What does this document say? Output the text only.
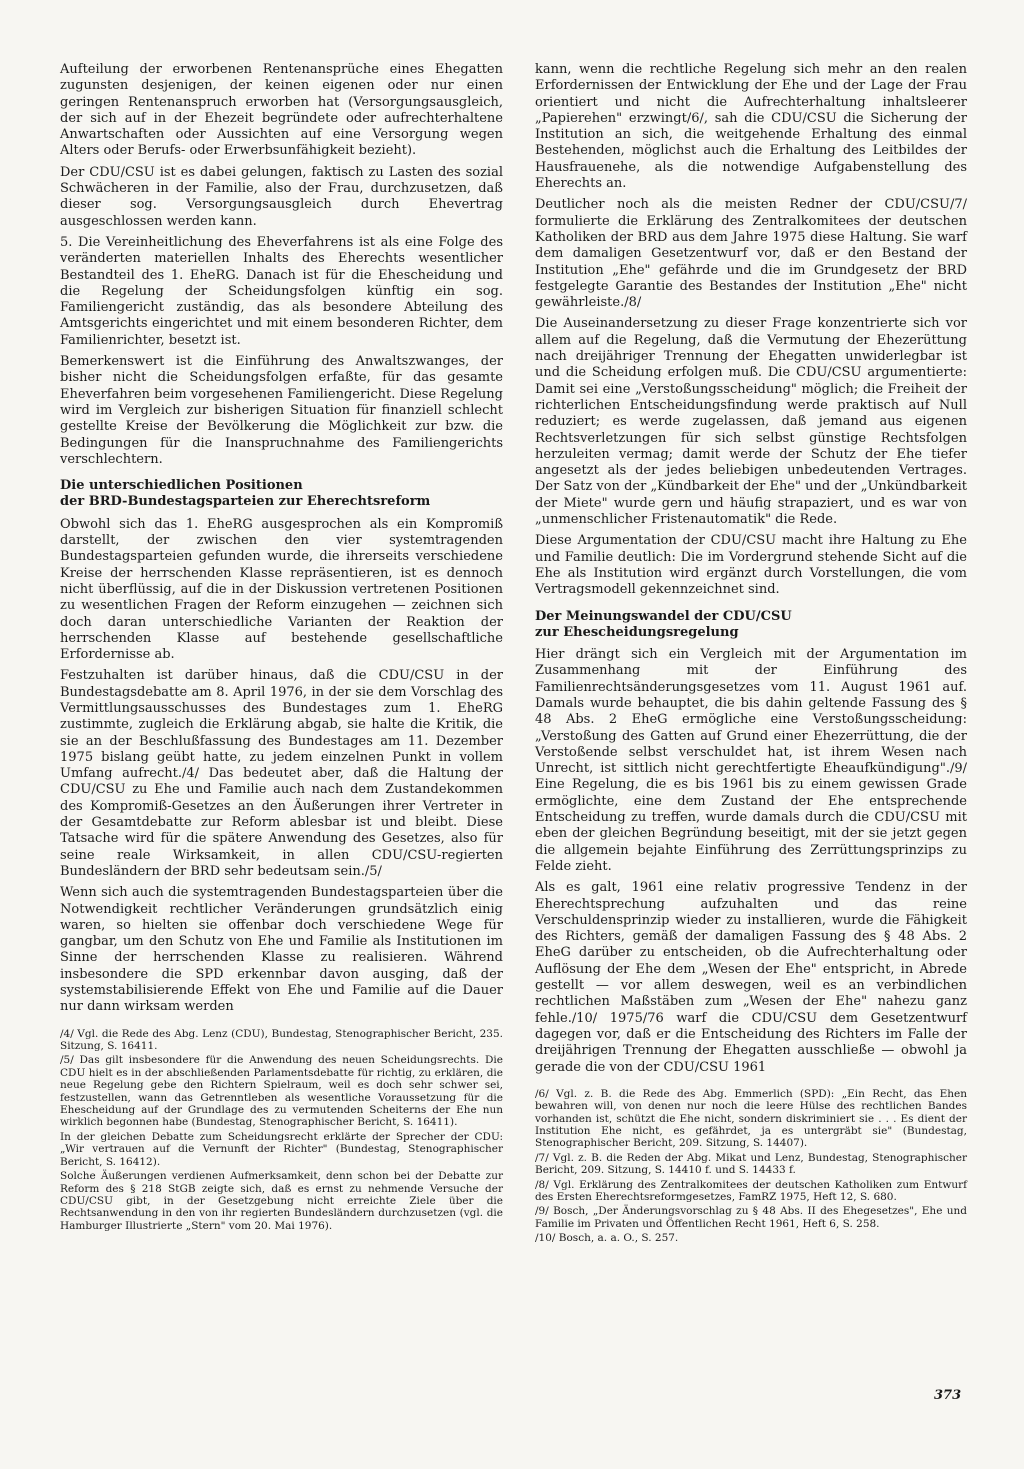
Aufteilung der erworbenen Rentenansprüche eines Ehegatten zugunsten desjenigen, der keinen eigenen oder nur einen geringen Rentenanspruch erworben hat (Versorgungsausgleich, der sich auf in der Ehezeit begründete oder aufrechterhaltene Anwartschaften oder Aussichten auf eine Versorgung wegen Alters oder Berufs- oder Erwerbsunfähigkeit bezieht).

Der CDU/CSU ist es dabei gelungen, faktisch zu Lasten des sozial Schwächeren in der Familie, also der Frau, durchzusetzen, daß dieser sog. Versorgungsausgleich durch Ehevertrag ausgeschlossen werden kann.

5. Die Vereinheitlichung des Eheverfahrens ist als eine Folge des veränderten materiellen Inhalts des Eherechts wesentlicher Bestandteil des 1. EheRG. Danach ist für die Ehescheidung und die Regelung der Scheidungsfolgen künftig ein sog. Familiengericht zuständig, das als besondere Abteilung des Amtsgerichts eingerichtet und mit einem besonderen Richter, dem Familienrichter, besetzt ist.

Bemerkenswert ist die Einführung des Anwaltszwanges, der bisher nicht die Scheidungsfolgen erfaßte, für das gesamte Eheverfahren beim vorgesehenen Familiengericht. Diese Regelung wird im Vergleich zur bisherigen Situation für finanziell schlecht gestellte Kreise der Bevölkerung die Möglichkeit zur bzw. die Bedingungen für die Inanspruchnahme des Familiengerichts verschlechtern.

Die unterschiedlichen Positionen
der BRD-Bundestagsparteien zur Eherechtsreform

Obwohl sich das 1. EheRG ausgesprochen als ein Kompromiß darstellt, der zwischen den vier systemtragenden Bundestagsparteien gefunden wurde, die ihrerseits verschiedene Kreise der herrschenden Klasse repräsentieren, ist es dennoch nicht überflüssig, auf die in der Diskussion vertretenen Positionen zu wesentlichen Fragen der Reform einzugehen — zeichnen sich doch daran unterschiedliche Varianten der Reaktion der herrschenden Klasse auf bestehende gesellschaftliche Erfordernisse ab.

Festzuhalten ist darüber hinaus, daß die CDU/CSU in der Bundestagsdebatte am 8. April 1976, in der sie dem Vorschlag des Vermittlungsausschusses des Bundestages zum 1. EheRG zustimmte, zugleich die Erklärung abgab, sie halte die Kritik, die sie an der Beschlußfassung des Bundestages am 11. Dezember 1975 bislang geübt hatte, zu jedem einzelnen Punkt in vollem Umfang aufrecht./4/ Das bedeutet aber, daß die Haltung der CDU/CSU zu Ehe und Familie auch nach dem Zustandekommen des Kompromiß-Gesetzes an den Äußerungen ihrer Vertreter in der Gesamtdebatte zur Reform ablesbar ist und bleibt. Diese Tatsache wird für die spätere Anwendung des Gesetzes, also für seine reale Wirksamkeit, in allen CDU/CSU-regierten Bundesländern der BRD sehr bedeutsam sein./5/

Wenn sich auch die systemtragenden Bundestagsparteien über die Notwendigkeit rechtlicher Veränderungen grundsätzlich einig waren, so hielten sie offenbar doch verschiedene Wege für gangbar, um den Schutz von Ehe und Familie als Institutionen im Sinne der herrschenden Klasse zu realisieren. Während insbesondere die SPD erkennbar davon ausging, daß der systemstabilisierende Effekt von Ehe und Familie auf die Dauer nur dann wirksam werden

/4/ Vgl. die Rede des Abg. Lenz (CDU), Bundestag, Stenographischer Bericht, 235. Sitzung, S. 16411.

/5/ Das gilt insbesondere für die Anwendung des neuen Scheidungsrechts. Die CDU hielt es in der abschließenden Parlamentsdebatte für richtig, zu erklären, die neue Regelung gebe den Richtern Spielraum, weil es doch sehr schwer sei, festzustellen, wann das Getrenntleben als wesentliche Voraussetzung für die Ehescheidung auf der Grundlage des zu vermutenden Scheiterns der Ehe nun wirklich begonnen habe (Bundestag, Stenographischer Bericht, S. 16411).

In der gleichen Debatte zum Scheidungsrecht erklärte der Sprecher der CDU: „Wir vertrauen auf die Vernunft der Richter" (Bundestag, Stenographischer Bericht, S. 16412).

Solche Äußerungen verdienen Aufmerksamkeit, denn schon bei der Debatte zur Reform des § 218 StGB zeigte sich, daß es ernst zu nehmende Versuche der CDU/CSU gibt, in der Gesetzgebung nicht erreichte Ziele über die Rechtsanwendung in den von ihr regierten Bundesländern durchzusetzen (vgl. die Hamburger Illustrierte „Stern" vom 20. Mai 1976).

kann, wenn die rechtliche Regelung sich mehr an den realen Erfordernissen der Entwicklung der Ehe und der Lage der Frau orientiert und nicht die Aufrechterhaltung inhaltsleerer „Papierehen" erzwingt/6/, sah die CDU/CSU die Sicherung der Institution an sich, die weitgehende Erhaltung des einmal Bestehenden, möglichst auch die Erhaltung des Leitbildes der Hausfrauenehe, als die notwendige Aufgabenstellung des Eherechts an.

Deutlicher noch als die meisten Redner der CDU/CSU/7/ formulierte die Erklärung des Zentralkomitees der deutschen Katholiken der BRD aus dem Jahre 1975 diese Haltung. Sie warf dem damaligen Gesetzentwurf vor, daß er den Bestand der Institution „Ehe" gefährde und die im Grundgesetz der BRD festgelegte Garantie des Bestandes der Institution „Ehe" nicht gewährleiste./8/

Die Auseinandersetzung zu dieser Frage konzentrierte sich vor allem auf die Regelung, daß die Vermutung der Ehezerüttung nach dreijähriger Trennung der Ehegatten unwiderlegbar ist und die Scheidung erfolgen muß. Die CDU/CSU argumentierte: Damit sei eine „Verstoßungsscheidung" möglich; die Freiheit der richterlichen Entscheidungsfindung werde praktisch auf Null reduziert; es werde zugelassen, daß jemand aus eigenen Rechtsverletzungen für sich selbst günstige Rechtsfolgen herzuleiten vermag; damit werde der Schutz der Ehe tiefer angesetzt als der jedes beliebigen unbedeutenden Vertrages. Der Satz von der „Kündbarkeit der Ehe" und der „Unkündbarkeit der Miete" wurde gern und häufig strapaziert, und es war von „unmenschlicher Fristenautomatik" die Rede.

Diese Argumentation der CDU/CSU macht ihre Haltung zu Ehe und Familie deutlich: Die im Vordergrund stehende Sicht auf die Ehe als Institution wird ergänzt durch Vorstellungen, die vom Vertragsmodell gekennzeichnet sind.

Der Meinungswandel der CDU/CSU
zur Ehescheidungsregelung

Hier drängt sich ein Vergleich mit der Argumentation im Zusammenhang mit der Einführung des Familienrechtsänderungsgesetzes vom 11. August 1961 auf. Damals wurde behauptet, die bis dahin geltende Fassung des § 48 Abs. 2 EheG ermögliche eine Verstoßungsscheidung: „Verstoßung des Gatten auf Grund einer Ehezerrüttung, die der Verstoßende selbst verschuldet hat, ist ihrem Wesen nach Unrecht, ist sittlich nicht gerechtfertigte Eheaufkündigung"./9/ Eine Regelung, die es bis 1961 bis zu einem gewissen Grade ermöglichte, eine dem Zustand der Ehe entsprechende Entscheidung zu treffen, wurde damals durch die CDU/CSU mit eben der gleichen Begründung beseitigt, mit der sie jetzt gegen die allgemein bejahte Einführung des Zerrüttungsprinzips zu Felde zieht.

Als es galt, 1961 eine relativ progressive Tendenz in der Eherechtsprechung aufzuhalten und das reine Verschuldensprinzip wieder zu installieren, wurde die Fähigkeit des Richters, gemäß der damaligen Fassung des § 48 Abs. 2 EheG darüber zu entscheiden, ob die Aufrechterhaltung oder Auflösung der Ehe dem „Wesen der Ehe" entspricht, in Abrede gestellt — vor allem deswegen, weil es an verbindlichen rechtlichen Maßstäben zum „Wesen der Ehe" nahezu ganz fehle./10/ 1975/76 warf die CDU/CSU dem Gesetzentwurf dagegen vor, daß er die Entscheidung des Richters im Falle der dreijährigen Trennung der Ehegatten ausschließe — obwohl ja gerade die von der CDU/CSU 1961

/6/ Vgl. z. B. die Rede des Abg. Emmerlich (SPD): „Ein Recht, das Ehen bewahren will, von denen nur noch die leere Hülse des rechtlichen Bandes vorhanden ist, schützt die Ehe nicht, sondern diskriminiert sie . . . Es dient der Institution Ehe nicht, es gefährdet, ja es untergräbt sie" (Bundestag, Stenographischer Bericht, 209. Sitzung, S. 14407).

/7/ Vgl. z. B. die Reden der Abg. Mikat und Lenz, Bundestag, Stenographischer Bericht, 209. Sitzung, S. 14410 f. und S. 14433 f.

/8/ Vgl. Erklärung des Zentralkomitees der deutschen Katholiken zum Entwurf des Ersten Eherechtsreformgesetzes, FamRZ 1975, Heft 12, S. 680.

/9/ Bosch, „Der Änderungsvorschlag zu § 48 Abs. II des Ehegesetzes", Ehe und Familie im Privaten und Öffentlichen Recht 1961, Heft 6, S. 258.

/10/ Bosch, a. a. O., S. 257.

373
